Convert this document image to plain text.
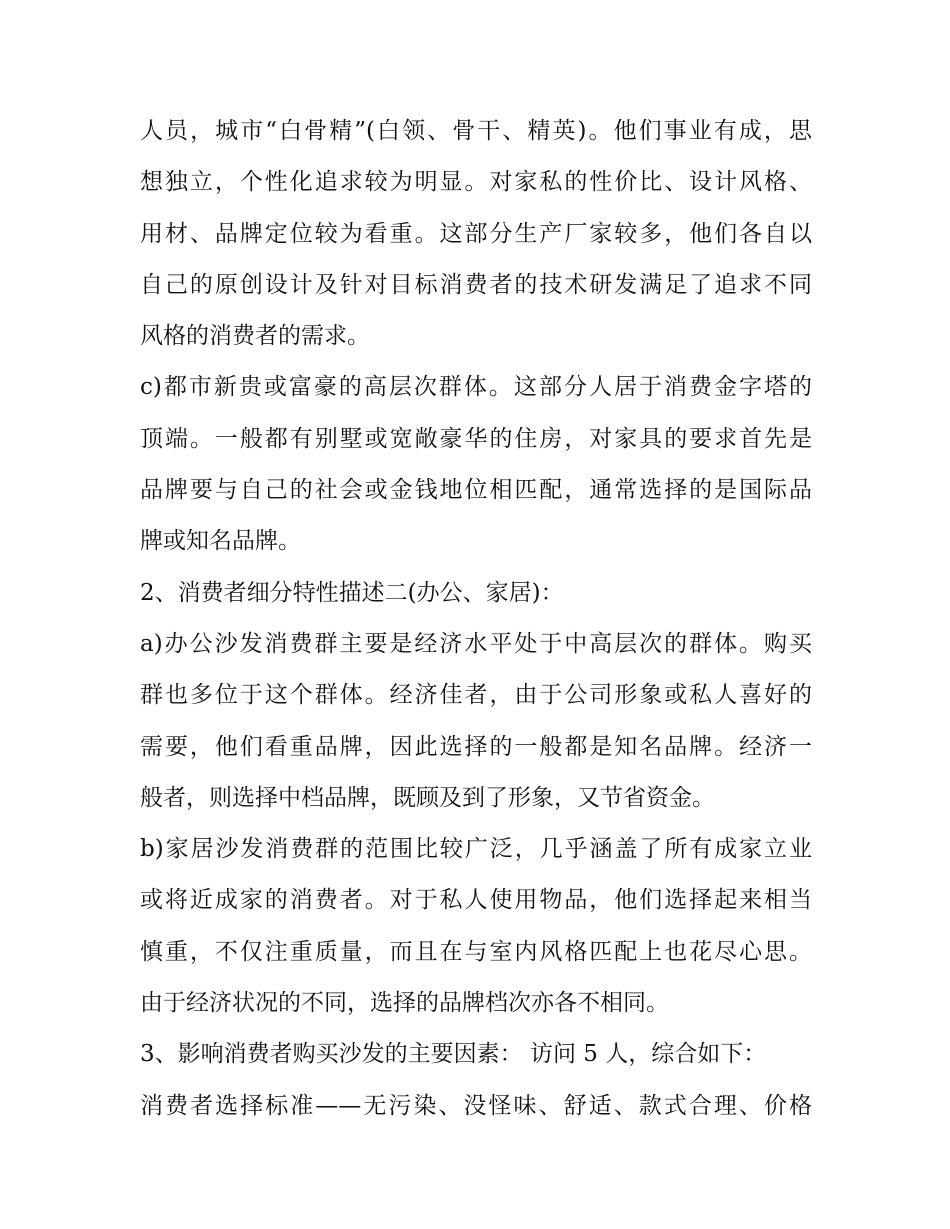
人员，城市“白骨精”(白领、骨干、精英)。他们事业有成，思
想独立，个性化追求较为明显。对家私的性价比、设计风格、
用材、品牌定位较为看重。这部分生产厂家较多，他们各自以
自己的原创设计及针对目标消费者的技术研发满足了追求不同
风格的消费者的需求。
c)都市新贵或富豪的高层次群体。这部分人居于消费金字塔的
顶端。一般都有别墅或宽敞豪华的住房，对家具的要求首先是
品牌要与自己的社会或金钱地位相匹配，通常选择的是国际品
牌或知名品牌。
2、消费者细分特性描述二(办公、家居)：
a)办公沙发消费群主要是经济水平处于中高层次的群体。购买
群也多位于这个群体。经济佳者，由于公司形象或私人喜好的
需要，他们看重品牌，因此选择的一般都是知名品牌。经济一
般者，则选择中档品牌，既顾及到了形象，又节省资金。
b)家居沙发消费群的范围比较广泛，几乎涵盖了所有成家立业
或将近成家的消费者。对于私人使用物品，他们选择起来相当
慎重，不仅注重质量，而且在与室内风格匹配上也花尽心思。
由于经济状况的不同，选择的品牌档次亦各不相同。
3、影响消费者购买沙发的主要因素： 访问 5 人，综合如下：
消费者选择标准——无污染、没怪味、舒适、款式合理、价格
